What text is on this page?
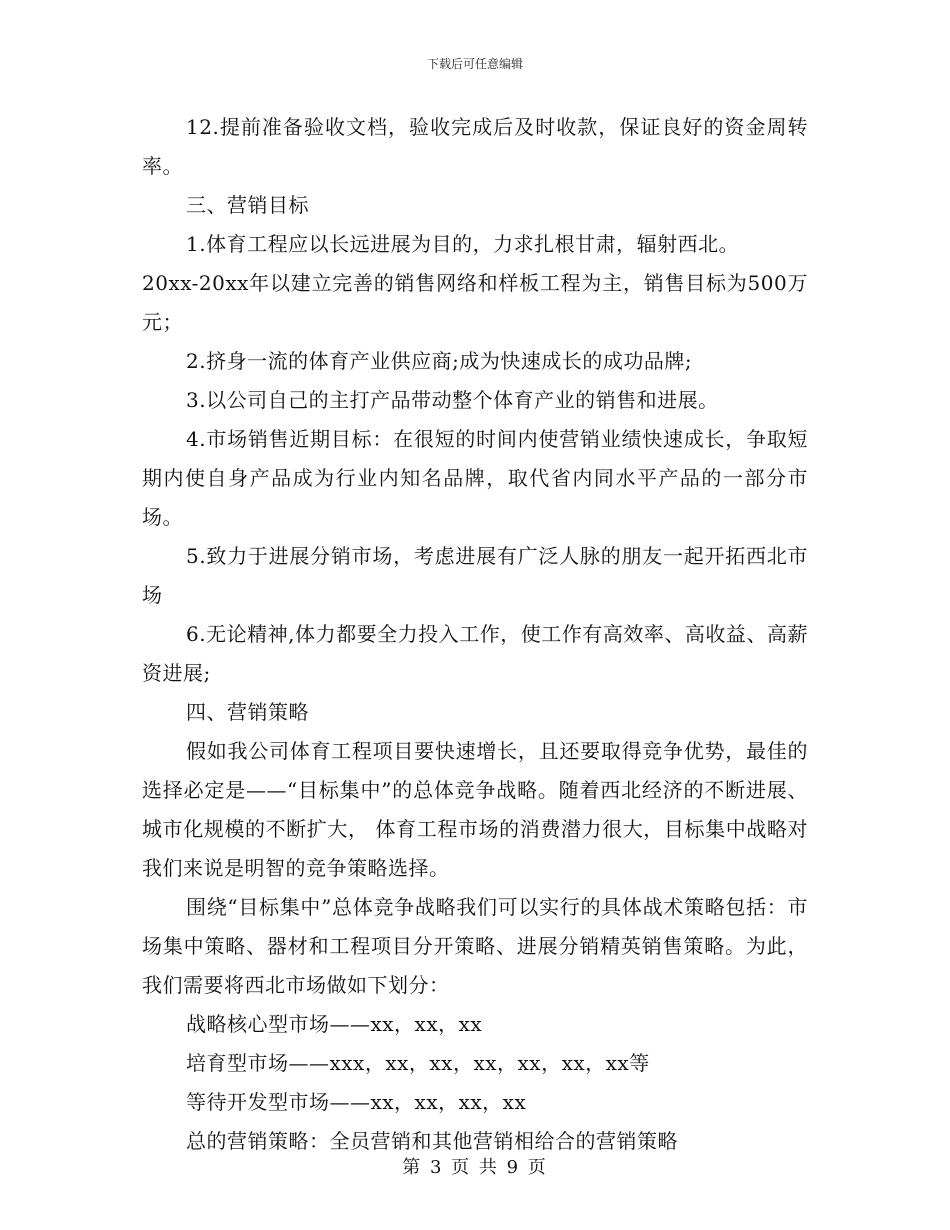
下载后可任意编辑

12.提前准备验收文档，验收完成后及时收款，保证良好的资金周转率。

三、营销目标

1.体育工程应以长远进展为目的，力求扎根甘肃，辐射西北。

20xx-20xx年以建立完善的销售网络和样板工程为主，销售目标为500万元；

2.挤身一流的体育产业供应商;成为快速成长的成功品牌;

3.以公司自己的主打产品带动整个体育产业的销售和进展。

4.市场销售近期目标：在很短的时间内使营销业绩快速成长，争取短期内使自身产品成为行业内知名品牌，取代省内同水平产品的一部分市场。

5.致力于进展分销市场，考虑进展有广泛人脉的朋友一起开拓西北市场

6.无论精神,体力都要全力投入工作，使工作有高效率、高收益、高薪资进展;

四、营销策略

假如我公司体育工程项目要快速增长，且还要取得竞争优势，最佳的选择必定是——“目标集中”的总体竞争战略。随着西北经济的不断进展、城市化规模的不断扩大， 体育工程市场的消费潜力很大，目标集中战略对我们来说是明智的竞争策略选择。

围绕“目标集中”总体竞争战略我们可以实行的具体战术策略包括：市场集中策略、器材和工程项目分开策略、进展分销精英销售策略。为此，我们需要将西北市场做如下划分：

战略核心型市场——xx，xx，xx

培育型市场——xxx，xx，xx，xx，xx，xx，xx等

等待开发型市场——xx，xx，xx，xx

总的营销策略：全员营销和其他营销相给合的营销策略

第 3 页 共 9 页
